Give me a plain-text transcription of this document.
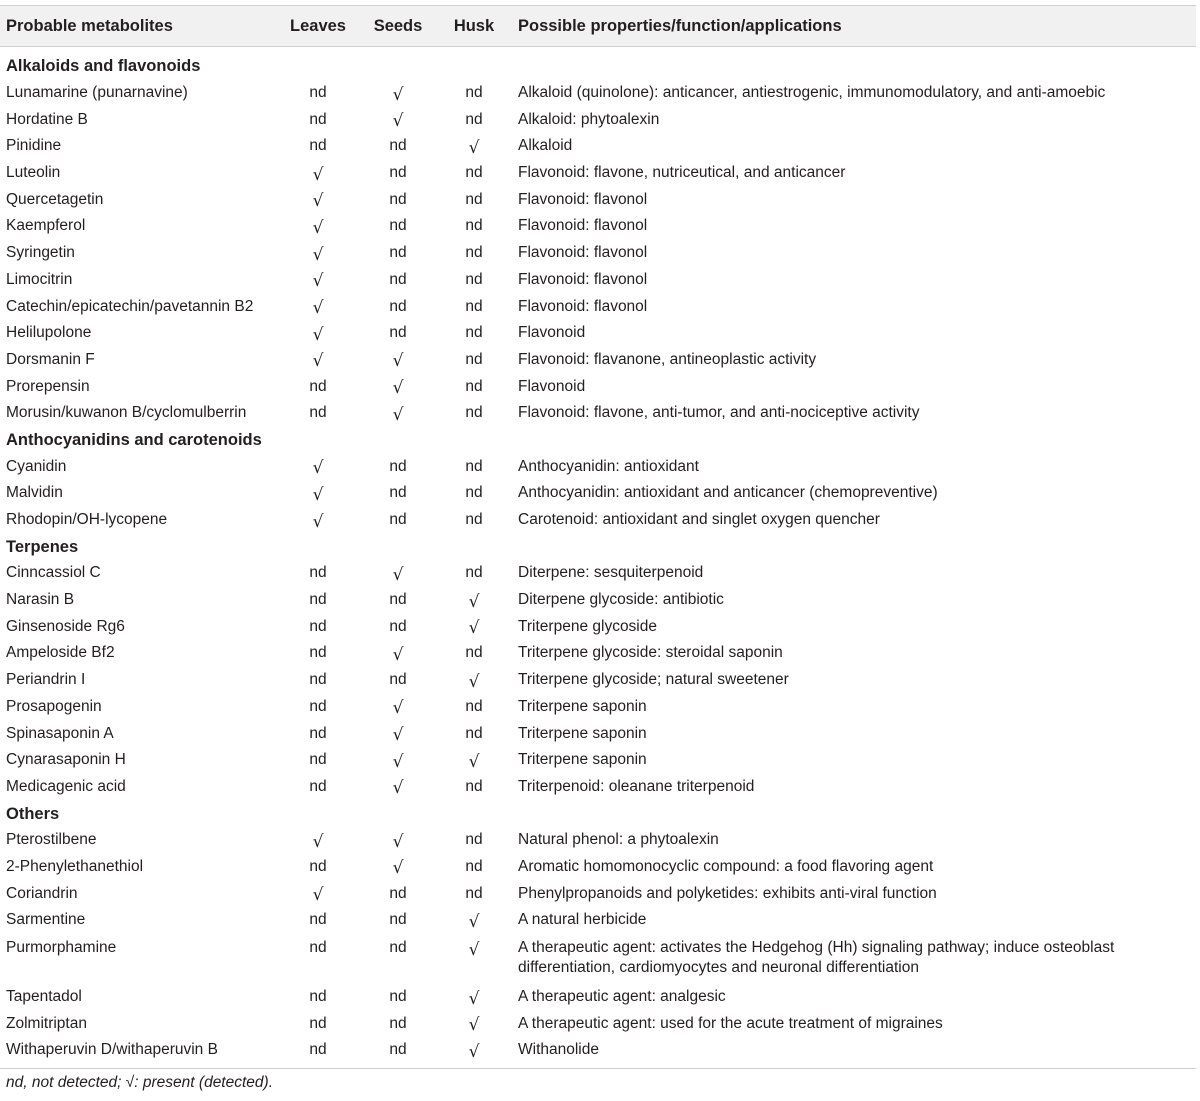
Probable metabolites	Leaves	Seeds	Husk	Possible properties/function/applications
Alkaloids and flavonoids				
Lunamarine (punarnavine)	nd	√	nd	Alkaloid (quinolone): anticancer, antiestrogenic, immunomodulatory, and anti-amoebic
Hordatine B	nd	√	nd	Alkaloid: phytoalexin
Pinidine	nd	nd	√	Alkaloid
Luteolin	√	nd	nd	Flavonoid: flavone, nutriceutical, and anticancer
Quercetagetin	√	nd	nd	Flavonoid: flavonol
Kaempferol	√	nd	nd	Flavonoid: flavonol
Syringetin	√	nd	nd	Flavonoid: flavonol
Limocitrin	√	nd	nd	Flavonoid: flavonol
Catechin/epicatechin/pavetannin B2	√	nd	nd	Flavonoid: flavonol
Helilupolone	√	nd	nd	Flavonoid
Dorsmanin F	√	√	nd	Flavonoid: flavanone, antineoplastic activity
Prorepensin	nd	√	nd	Flavonoid
Morusin/kuwanon B/cyclomulberrin	nd	√	nd	Flavonoid: flavone, anti-tumor, and anti-nociceptive activity
Anthocyanidins and carotenoids				
Cyanidin	√	nd	nd	Anthocyanidin: antioxidant
Malvidin	√	nd	nd	Anthocyanidin: antioxidant and anticancer (chemopreventive)
Rhodopin/OH-lycopene	√	nd	nd	Carotenoid: antioxidant and singlet oxygen quencher
Terpenes				
Cinncassiol C	nd	√	nd	Diterpene: sesquiterpenoid
Narasin B	nd	nd	√	Diterpene glycoside: antibiotic
Ginsenoside Rg6	nd	nd	√	Triterpene glycoside
Ampeloside Bf2	nd	√	nd	Triterpene glycoside: steroidal saponin
Periandrin I	nd	nd	√	Triterpene glycoside; natural sweetener
Prosapogenin	nd	√	nd	Triterpene saponin
Spinasaponin A	nd	√	nd	Triterpene saponin
Cynarasaponin H	nd	√	√	Triterpene saponin
Medicagenic acid	nd	√	nd	Triterpenoid: oleanane triterpenoid
Others				
Pterostilbene	√	√	nd	Natural phenol: a phytoalexin
2-Phenylethanethiol	nd	√	nd	Aromatic homomonocyclic compound: a food flavoring agent
Coriandrin	√	nd	nd	Phenylpropanoids and polyketides: exhibits anti-viral function
Sarmentine	nd	nd	√	A natural herbicide
Purmorphamine	nd	nd	√	A therapeutic agent: activates the Hedgehog (Hh) signaling pathway; induce osteoblast differentiation, cardiomyocytes and neuronal differentiation
Tapentadol	nd	nd	√	A therapeutic agent: analgesic
Zolmitriptan	nd	nd	√	A therapeutic agent: used for the acute treatment of migraines
Withaperuvin D/withaperuvin B	nd	nd	√	Withanolide
nd, not detected; √: present (detected).
